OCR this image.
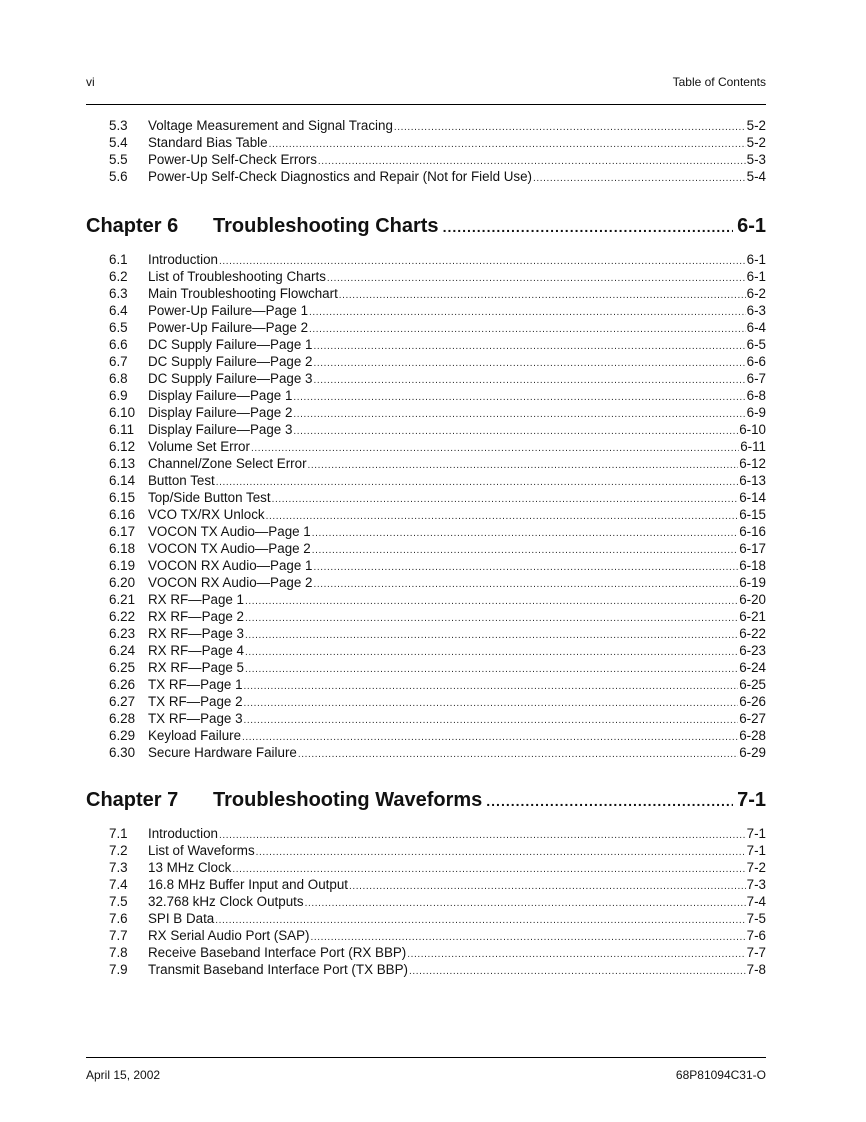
vi	Table of Contents
5.3	Voltage Measurement and Signal Tracing .....	5-2
5.4	Standard Bias Table .....	5-2
5.5	Power-Up Self-Check Errors .....	5-3
5.6	Power-Up Self-Check Diagnostics and Repair (Not for Field Use) .....	5-4
Chapter 6	Troubleshooting Charts .....	6-1
6.1	Introduction .....	6-1
6.2	List of Troubleshooting Charts .....	6-1
6.3	Main Troubleshooting Flowchart .....	6-2
6.4	Power-Up Failure—Page 1 .....	6-3
6.5	Power-Up Failure—Page 2 .....	6-4
6.6	DC Supply Failure—Page 1 .....	6-5
6.7	DC Supply Failure—Page 2 .....	6-6
6.8	DC Supply Failure—Page 3 .....	6-7
6.9	Display Failure—Page 1 .....	6-8
6.10 Display Failure—Page 2 .....	6-9
6.11	Display Failure—Page 3 .....	6-10
6.12 Volume Set Error .....	6-11
6.13 Channel/Zone Select Error .....	6-12
6.14 Button Test .....	6-13
6.15 Top/Side Button Test .....	6-14
6.16 VCO TX/RX Unlock .....	6-15
6.17 VOCON TX Audio—Page 1 .....	6-16
6.18 VOCON TX Audio—Page 2 .....	6-17
6.19 VOCON RX Audio—Page 1 .....	6-18
6.20 VOCON RX Audio—Page 2 .....	6-19
6.21 RX RF—Page 1 .....	6-20
6.22 RX RF—Page 2 .....	6-21
6.23 RX RF—Page 3 .....	6-22
6.24 RX RF—Page 4 .....	6-23
6.25 RX RF—Page 5 .....	6-24
6.26 TX RF—Page 1 .....	6-25
6.27 TX RF—Page 2 .....	6-26
6.28 TX RF—Page 3 .....	6-27
6.29 Keyload Failure .....	6-28
6.30 Secure Hardware Failure .....	6-29
Chapter 7	Troubleshooting Waveforms .....	7-1
7.1	Introduction .....	7-1
7.2	List of Waveforms .....	7-1
7.3	13 MHz Clock .....	7-2
7.4	16.8 MHz Buffer Input and Output .....	7-3
7.5	32.768 kHz Clock Outputs .....	7-4
7.6	SPI B Data .....	7-5
7.7	RX Serial Audio Port (SAP) .....	7-6
7.8	Receive Baseband Interface Port (RX BBP) .....	7-7
7.9	Transmit Baseband Interface Port (TX BBP) .....	7-8
April 15, 2002	68P81094C31-O
